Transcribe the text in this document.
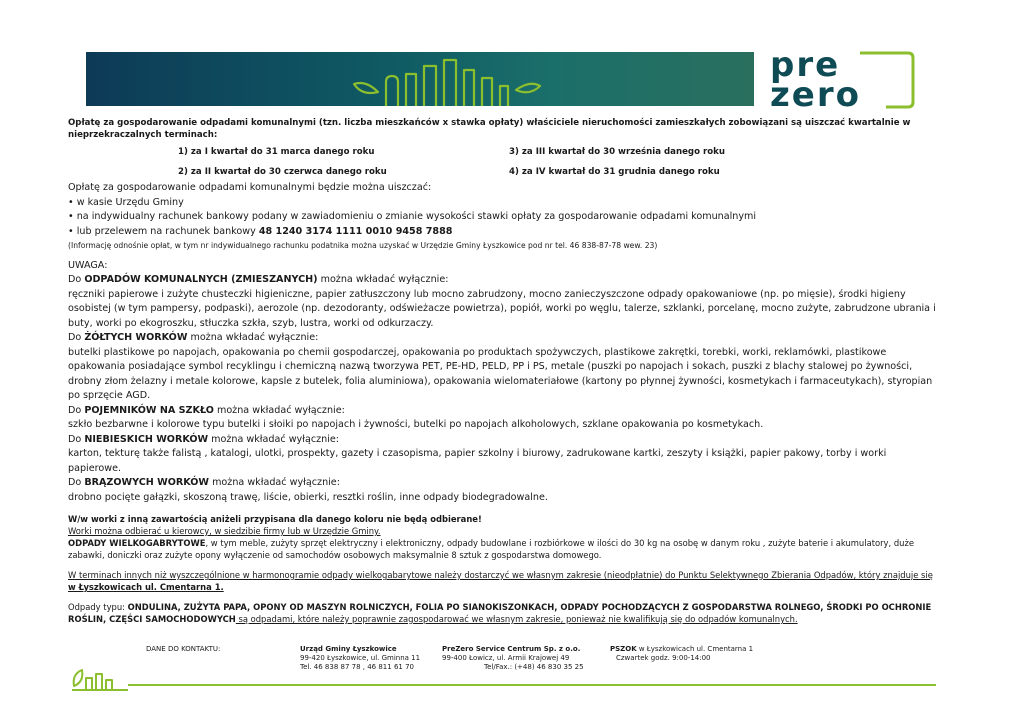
pre
zero
Opłatę za gospodarowanie odpadami komunalnymi (tzn. liczba mieszkańców x stawka opłaty) właściciele nieruchomości zamieszkałych zobowiązani są uiszczać kwartalnie w nieprzekraczalnych terminach:
1) za I kwartał do 31 marca danego roku	3) za III kwartał do 30 września danego roku
2) za II kwartał do 30 czerwca danego roku	4) za IV kwartał do 31 grudnia danego roku
Opłatę za gospodarowanie odpadami komunalnymi będzie można uiszczać:
• w kasie Urzędu Gminy
• na indywidualny rachunek bankowy podany w zawiadomieniu o zmianie wysokości stawki opłaty za gospodarowanie odpadami komunalnymi
• lub przelewem na rachunek bankowy 48 1240 3174 1111 0010 9458 7888
(Informację odnośnie opłat, w tym nr indywidualnego rachunku podatnika można uzyskać w Urzędzie Gminy Łyszkowice pod nr tel. 46 838-87-78 wew. 23)
UWAGA:
Do ODPADÓW KOMUNALNYCH (ZMIESZANYCH) można wkładać wyłącznie:
ręczniki papierowe i zużyte chusteczki higieniczne, papier zatłuszczony lub mocno zabrudzony, mocno zanieczyszczone odpady opakowaniowe (np. po mięsie), środki higieny osobistej (w tym pampersy, podpaski), aerozole (np. dezodoranty, odświeżacze powietrza), popiół, worki po węglu, talerze, szklanki, porcelanę, mocno zużyte, zabrudzone ubrania i buty, worki po ekogroszku, stłuczka szkła, szyb, lustra, worki od odkurzaczy.
Do ŻÓŁTYCH WORKÓW można wkładać wyłącznie:
butelki plastikowe po napojach, opakowania po chemii gospodarczej, opakowania po produktach spożywczych, plastikowe zakrętki, torebki, worki, reklamówki, plastikowe opakowania posiadające symbol recyklingu i chemiczną nazwą tworzywa PET, PE-HD, PELD, PP i PS, metale (puszki po napojach i sokach, puszki z blachy stalowej po żywności, drobny złom żelazny i metale kolorowe, kapsle z butelek, folia aluminiowa), opakowania wielomateriałowe (kartony po płynnej żywności, kosmetykach i farmaceutykach), styropian po sprzęcie AGD.
Do POJEMNIKÓW NA SZKŁO można wkładać wyłącznie:
szkło bezbarwne i kolorowe typu butelki i słoiki po napojach i żywności, butelki po napojach alkoholowych, szklane opakowania po kosmetykach.
Do NIEBIESKICH WORKÓW można wkładać wyłącznie:
karton, tekturę także falistą , katalogi, ulotki, prospekty, gazety i czasopisma, papier szkolny i biurowy, zadrukowane kartki, zeszyty i książki, papier pakowy, torby i worki papierowe.
Do BRĄZOWYCH WORKÓW można wkładać wyłącznie:
drobno pocięte gałązki, skoszoną trawę, liście, obierki, resztki roślin, inne odpady biodegradowalne.
W/w worki z inną zawartością aniżeli przypisana dla danego koloru nie będą odbierane!
Worki można odbierać u kierowcy, w siedzibie firmy lub w Urzędzie Gminy.
ODPADY WIELKOGABRYTOWE, w tym meble, zużyty sprzęt elektryczny i elektroniczny, odpady budowlane i rozbiórkowe w ilości do 30 kg na osobę w danym roku , zużyte baterie i akumulatory, duże zabawki, doniczki oraz zużyte opony wyłączenie od samochodów osobowych maksymalnie 8 sztuk z gospodarstwa domowego.
W terminach innych niż wyszczególnione w harmonogramie odpady wielkogabarytowe należy dostarczyć we własnym zakresie (nieodpłatnie) do Punktu Selektywnego Zbierania Odpadów, który znajduje się w Łyszkowicach ul. Cmentarna 1.
Odpady typu: ONDULINA, ZUŻYTA PAPA, OPONY OD MASZYN ROLNICZYCH, FOLIA PO SIANOKISZONKACH, ODPADY POCHODZĄCYCH Z GOSPODARSTWA ROLNEGO, ŚRODKI PO OCHRONIE ROŚLIN, CZĘŚCI SAMOCHODOWYCH są odpadami, które należy poprawnie zagospodarować we własnym zakresie, ponieważ nie kwalifikują się do odpadów komunalnych.
DANE DO KONTAKTU:	Urząd Gminy Łyszkowice
99-420 Łyszkowice, ul. Gminna 11
Tel. 46 838 87 78 , 46 811 61 70
PreZero Service Centrum Sp. z o.o.
99-400 Łowicz, ul. Armii Krajowej 49
Tel/Fax.: (+48) 46 830 35 25
PSZOK w Łyszkowicach ul. Cmentarna 1
Czwartek godz. 9:00-14:00
